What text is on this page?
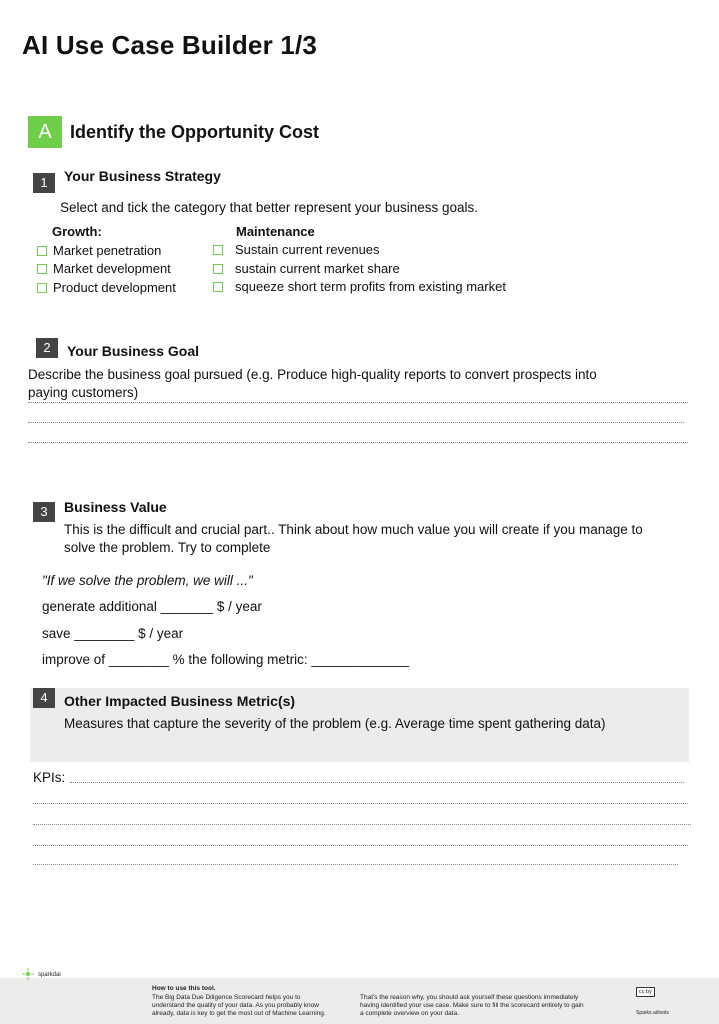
AI Use Case Builder 1/3
A	Identify the Opportunity Cost
1	Your Business Strategy
Select and tick the category that better represent your business goals.
Growth:
Market penetration
Market development
Product development
Maintenance
Sustain current revenues
sustain current market share
squeeze short term profits from existing market
2	Your Business Goal
Describe the business goal pursued (e.g. Produce high-quality reports to convert prospects into
paying customers)
3	Business Value
This is the difficult and crucial part.. Think about how much value you will create if you manage to
solve the problem. Try to complete
"If we solve the problem, we will ..."
generate additional _______ $ / year
save ________ $ / year
improve of ________ % the following metric: _____________
4	Other Impacted Business Metric(s)
Measures that capture the severity of the problem (e.g. Average time spent gathering data)
KPIs:
sparkdai
How to use this tool.
The Big Data Due Diligence Scorecard helps you to
understand the quality of your data. As you probably know
already, data is key to get the most out of Machine Learning.
That's the reason why, you should ask yourself these questions immediately
having identified your use case. Make sure to fill the scorecard entirely to gain
a complete overview on your data.
cc by
Sparks.ai/tools
